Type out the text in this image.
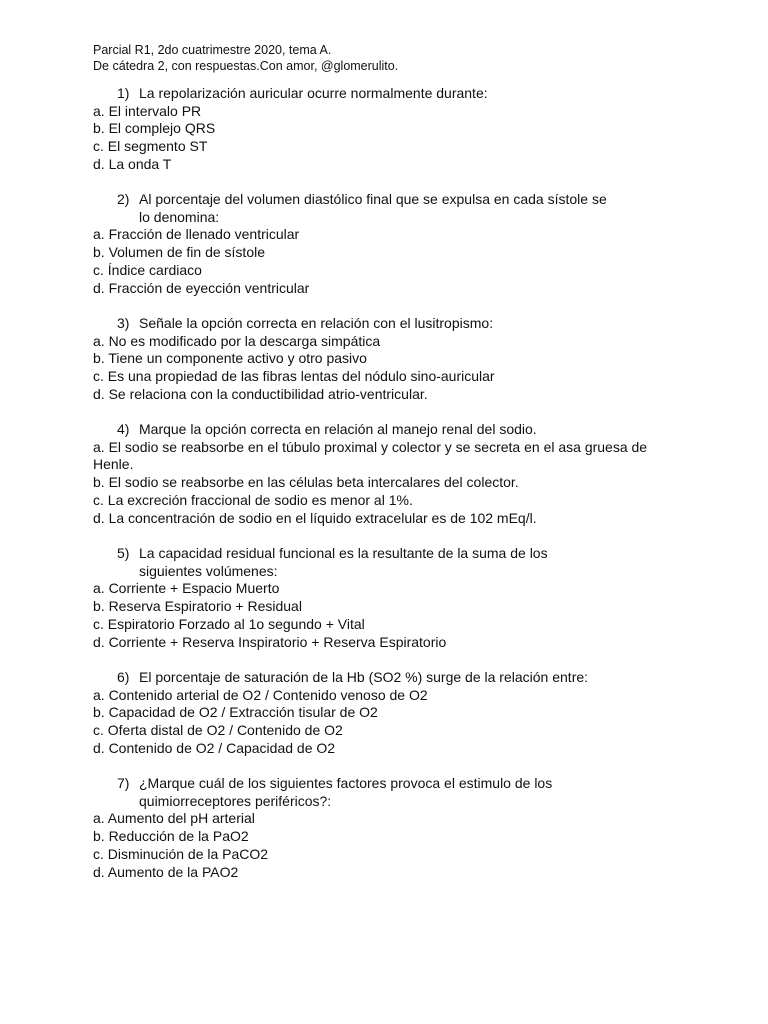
Parcial R1, 2do cuatrimestre 2020, tema A.
De cátedra 2, con respuestas.Con amor, @glomerulito.
1) La repolarización auricular ocurre normalmente durante:
a. El intervalo PR
b. El complejo QRS
c. El segmento ST
d. La onda T
2) Al porcentaje del volumen diastólico final que se expulsa en cada sístole se lo denomina:
a. Fracción de llenado ventricular
b. Volumen de fin de sístole
c. Índice cardiaco
d. Fracción de eyección ventricular
3) Señale la opción correcta en relación con el lusitropismo:
a. No es modificado por la descarga simpática
b. Tiene un componente activo y otro pasivo
c. Es una propiedad de las fibras lentas del nódulo sino-auricular
d. Se relaciona con la conductibilidad atrio-ventricular.
4) Marque la opción correcta en relación al manejo renal del sodio.
a. El sodio se reabsorbe en el túbulo proximal y colector y se secreta en el asa gruesa de Henle.
b. El sodio se reabsorbe en las células beta intercalares del colector.
c. La excreción fraccional de sodio es menor al 1%.
d. La concentración de sodio en el líquido extracelular es de 102 mEq/l.
5) La capacidad residual funcional es la resultante de la suma de los siguientes volúmenes:
a. Corriente + Espacio Muerto
b. Reserva Espiratorio + Residual
c. Espiratorio Forzado al 1o segundo + Vital
d. Corriente + Reserva Inspiratorio + Reserva Espiratorio
6) El porcentaje de saturación de la Hb (SO2 %) surge de la relación entre:
a. Contenido arterial de O2 / Contenido venoso de O2
b. Capacidad de O2 / Extracción tisular de O2
c. Oferta distal de O2 / Contenido de O2
d. Contenido de O2 / Capacidad de O2
7) ¿Marque cuál de los siguientes factores provoca el estimulo de los quimiorreceptores periféricos?:
a. Aumento del pH arterial
b. Reducción de la PaO2
c. Disminución de la PaCO2
d. Aumento de la PAO2
